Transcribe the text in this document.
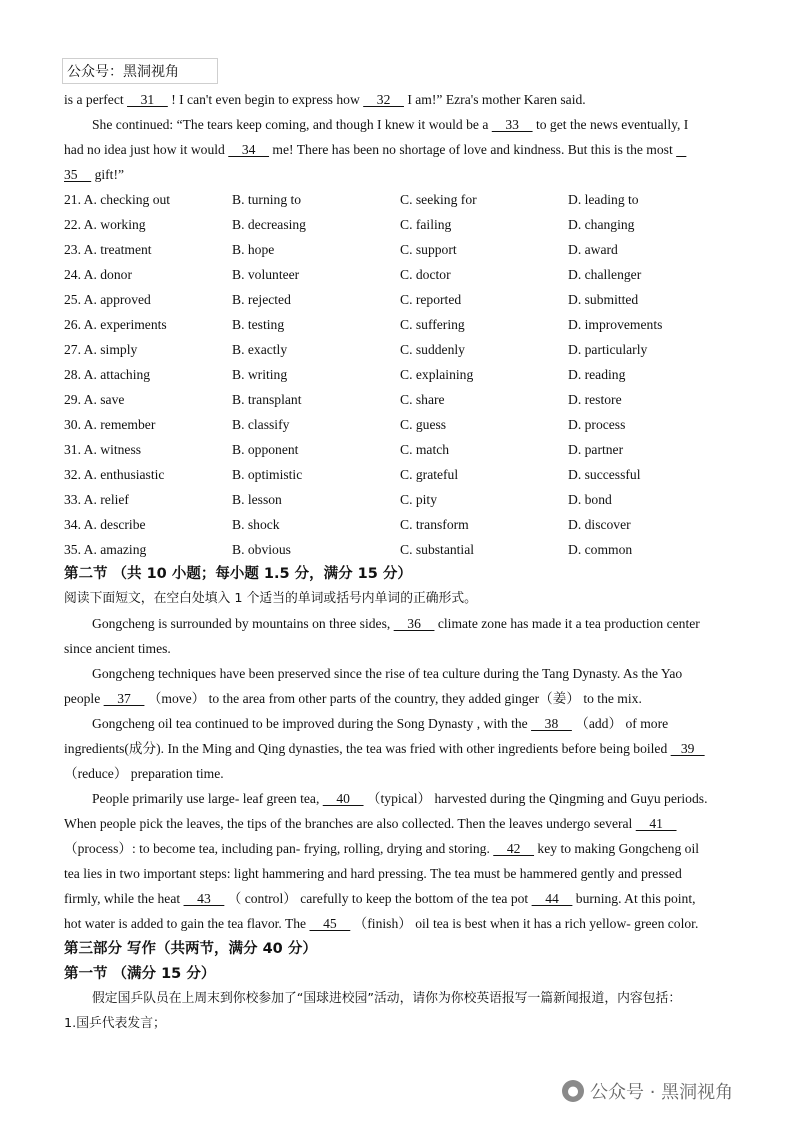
公众号：黑洞视角
is a perfect     31     ! I can't even begin to express how     32     I am!” Ezra's mother Karen said.
She continued: “The tears keep coming, and though I knew it would be a     33     to get the news eventually, I
had no idea just how it would     34     me! There has been no shortage of love and kindness. But this is the most
35     gift!”
21. A. checking out	B. turning to	C. seeking for	D. leading to
22. A. working	B. decreasing	C. failing	D. changing
23. A. treatment	B. hope	C. support	D. award
24. A. donor	B. volunteer	C. doctor	D. challenger
25. A. approved	B. rejected	C. reported	D. submitted
26. A. experiments	B. testing	C. suffering	D. improvements
27. A. simply	B. exactly	C. suddenly	D. particularly
28. A. attaching	B. writing	C. explaining	D. reading
29. A. save	B. transplant	C. share	D. restore
30. A. remember	B. classify	C. guess	D. process
31. A. witness	B. opponent	C. match	D. partner
32. A. enthusiastic	B. optimistic	C. grateful	D. successful
33. A. relief	B. lesson	C. pity	D. bond
34. A. describe	B. shock	C. transform	D. discover
35. A. amazing	B. obvious	C. substantial	D. common
第二节 （共 10 小题；每小题 1.5 分，满分 15 分）
阅读下面短文，在空白处填入 1 个适当的单词或括号内单词的正确形式。
Gongcheng is surrounded by mountains on three sides,     36     climate zone has made it a tea production center
since ancient times.
Gongcheng techniques have been preserved since the rise of tea culture during the Tang Dynasty. As the Yao
people     37     （move） to the area from other parts of the country, they added ginger（姜） to the mix.
Gongcheng oil tea continued to be improved during the Song Dynasty , with the     38     （add） of more
ingredients(成分). In the Ming and Qing dynasties, the tea was fried with other ingredients before being boiled    39
（reduce） preparation time.
People primarily use large- leaf green tea,     40     （typical） harvested during the Qingming and Guyu periods.
When people pick the leaves, the tips of the branches are also collected. Then the leaves undergo several     41
（process）: to become tea, including pan- frying, rolling, drying and storing.     42     key to making Gongcheng oil
tea lies in two important steps: light hammering and hard pressing. The tea must be hammered gently and pressed
firmly, while the heat     43     （ control） carefully to keep the bottom of the tea pot     44     burning. At this point,
hot water is added to gain the tea flavor. The     45     （finish） oil tea is best when it has a rich yellow- green color.
第三部分 写作（共两节，满分 40 分）
第一节 （满分 15 分）
假定国乒队员在上周末到你校参加了“国球进校园”活动，请你为你校英语报写一篇新闻报道，内容包括：
1.国乒代表发言；
● 公众号 · 黑洞视角
